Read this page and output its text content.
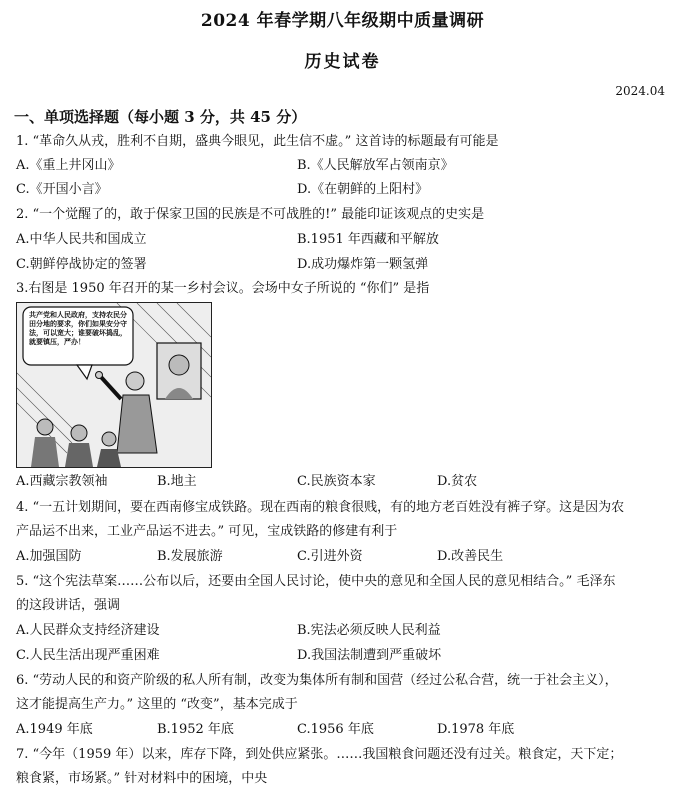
2024 年春学期八年级期中质量调研
历史试卷
2024.04
一、单项选择题（每小题 3 分，共 45 分）
1. “革命久从戎，胜利不自期，盛典今眼见，此生信不虚。” 这首诗的标题最有可能是
A.《重上井冈山》	B.《人民解放军占领南京》
C.《开国小言》	D.《在朝鲜的上阳村》
2. “一个觉醒了的，敢于保家卫国的民族是不可战胜的!” 最能印证该观点的史实是
A.中华人民共和国成立	B.1951 年西藏和平解放
C.朝鲜停战协定的签署	D.成功爆炸第一颗氢弹
3.右图是 1950 年召开的某一乡村会议。会场中女子所说的 “你们” 是指
共产党和人民政府，支持农民分田分地的要求，你们如果安分守法，可以宽大；谁要破坏捣乱，就要镇压，严办！
A.西藏宗教领袖	B.地主	C.民族资本家	D.贫农
4. “一五计划期间，要在西南修宝成铁路。现在西南的粮食很贱，有的地方老百姓没有裤子穿。这是因为农
产品运不出来，工业产品运不进去。” 可见，宝成铁路的修建有利于
A.加强国防	B.发展旅游	C.引进外资	D.改善民生
5. “这个宪法草案……公布以后，还要由全国人民讨论，使中央的意见和全国人民的意见相结合。” 毛泽东
的这段讲话，强调
A.人民群众支持经济建设	B.宪法必须反映人民利益
C.人民生活出现严重困难	D.我国法制遭到严重破坏
6. “劳动人民的和资产阶级的私人所有制，改变为集体所有制和国营（经过公私合营，统一于社会主义），
这才能提高生产力。” 这里的 “改变”，基本完成于
A.1949 年底	B.1952 年底	C.1956 年底	D.1978 年底
7. “今年（1959 年）以来，库存下降，到处供应紧张。……我国粮食问题还没有过关。粮食定，天下定；
粮食紧，市场紧。” 针对材料中的困境，中央
